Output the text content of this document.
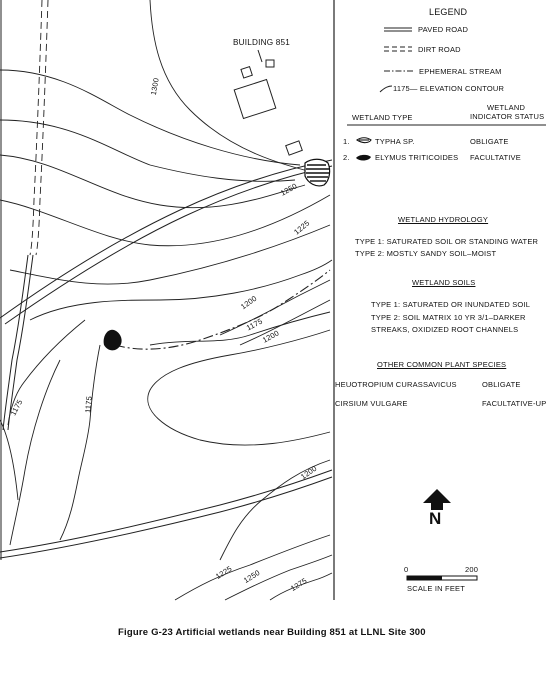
BUILDING 851
1300
1250
1225
1200
1175
1200
1175	1175
1200
1225 1250	1275
LEGEND
PAVED ROAD
DIRT ROAD
EPHEMERAL STREAM
1175— ELEVATION CONTOUR
WETLAND TYPE
WETLAND
INDICATOR STATUS
1.	TYPHA SP.	OBLIGATE
2.	ELYMUS TRITICOIDES FACULTATIVE
WETLAND HYDROLOGY
TYPE 1: SATURATED SOIL OR STANDING WATER
TYPE 2: MOSTLY SANDY SOIL–MOIST
WETLAND SOILS
TYPE 1: SATURATED OR INUNDATED SOIL
TYPE 2: SOIL MATRIX 10 YR 3/1–DARKER
STREAKS, OXIDIZED ROOT CHANNELS
OTHER COMMON PLANT SPECIES
HEUOTROPIUM CURASSAVICUS	OBLIGATE
CIRSIUM VULGARE	FACULTATIVE-UP
N
0	200
SCALE IN FEET
Figure G-23 Artificial wetlands near Building 851 at LLNL Site 300
